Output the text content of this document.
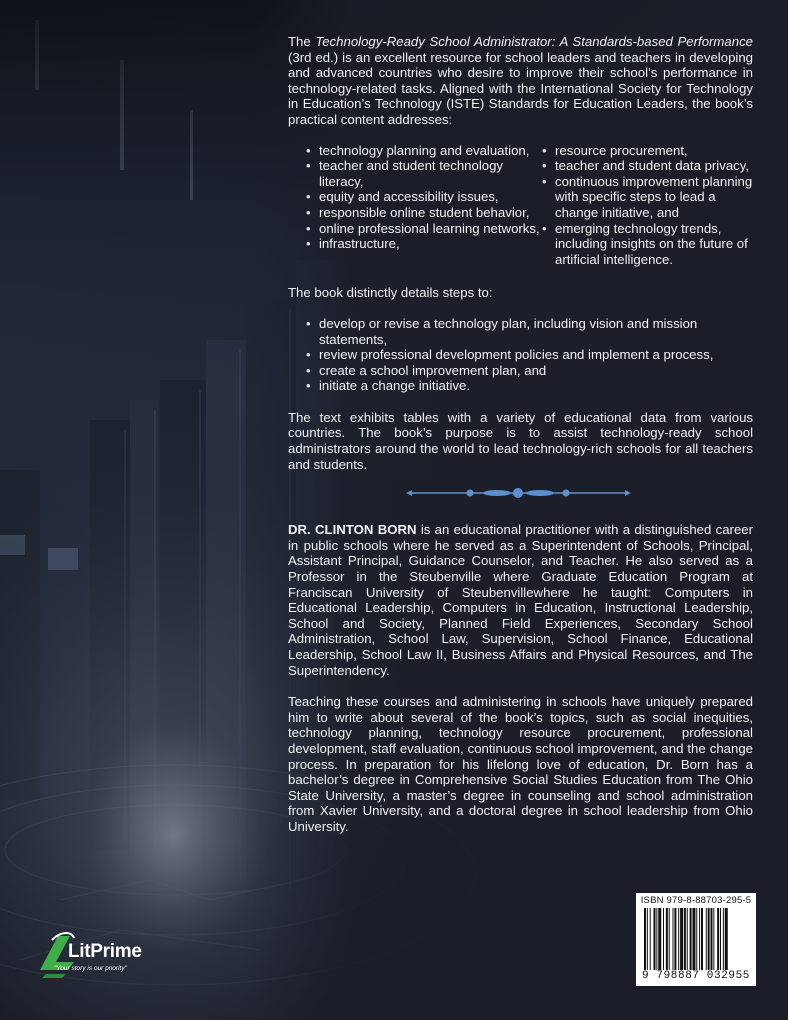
The Technology-Ready School Administrator: A Standards-based Performance (3rd ed.) is an excellent resource for school leaders and teachers in developing and advanced countries who desire to improve their school’s performance in technology-related tasks. Aligned with the International Society for Technology in Education’s Technology (ISTE) Standards for Education Leaders, the book’s practical content addresses:

• technology planning and evaluation,
• teacher and student technology literacy,
• equity and accessibility issues,
• responsible online student behavior,
• online professional learning networks,
• infrastructure,
• resource procurement,
• teacher and student data privacy,
• continuous improvement planning with specific steps to lead a change initiative, and
• emerging technology trends, including insights on the future of artificial intelligence.

The book distinctly details steps to:

• develop or revise a technology plan, including vision and mission statements,
• review professional development policies and implement a process,
• create a school improvement plan, and
• initiate a change initiative.

The text exhibits tables with a variety of educational data from various countries. The book’s purpose is to assist technology-ready school administrators around the world to lead technology-rich schools for all teachers and students.

DR. CLINTON BORN is an educational practitioner with a distinguished career in public schools where he served as a Superintendent of Schools, Principal, Assistant Principal, Guidance Counselor, and Teacher. He also served as a Professor in the Steubenville where Graduate Education Program at Franciscan University of Steubenvillewhere he taught: Computers in Educational Leadership, Computers in Education, Instructional Leadership, School and Society, Planned Field Experiences, Secondary School Administration, School Law, Supervision, School Finance, Educational Leadership, School Law II, Business Affairs and Physical Resources, and The Superintendency.

Teaching these courses and administering in schools have uniquely prepared him to write about several of the book’s topics, such as social inequities, technology planning, technology resource procurement, professional development, staff evaluation, continuous school improvement, and the change process. In preparation for his lifelong love of education, Dr. Born has a bachelor’s degree in Comprehensive Social Studies Education from The Ohio State University, a master’s degree in counseling and school administration from Xavier University, and a doctoral degree in school leadership from Ohio University.

ISBN 979-8-88703-295-5
9 798887 032955
LitPrime
"Your story is our priority"
